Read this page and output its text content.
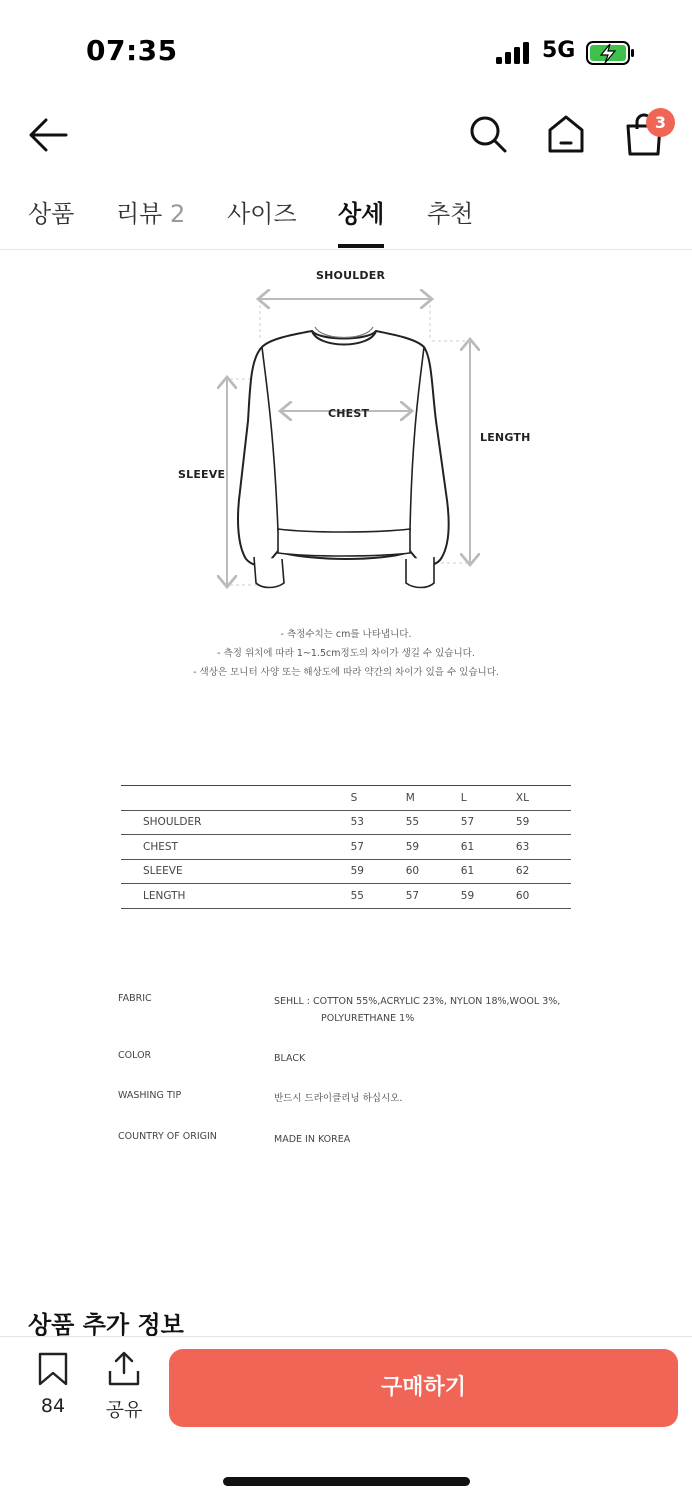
07:35	5G
3
상품 리뷰 2 사이즈 상세 추천
SHOULDER
CHEST
LENGTH
SLEEVE
- 측정수치는 cm를 나타냅니다.
- 측정 위치에 따라 1~1.5cm정도의 차이가 생길 수 있습니다.
- 색상은 모니터 사양 또는 해상도에 따라 약간의 차이가 있을 수 있습니다.
	S	M	L	XL
SHOULDER	53	55	57	59
CHEST	57	59	61	63
SLEEVE	59	60	61	62
LENGTH	55	57	59	60
FABRIC	SEHLL : COTTON 55%,ACRYLIC 23%, NYLON 18%,WOOL 3%,
POLYURETHANE 1%
COLOR	BLACK
WASHING TIP	반드시 드라이클리닝 하십시오.
COUNTRY OF ORIGIN	MADE IN KOREA
상품 추가 정보
84	공유
구매하기
